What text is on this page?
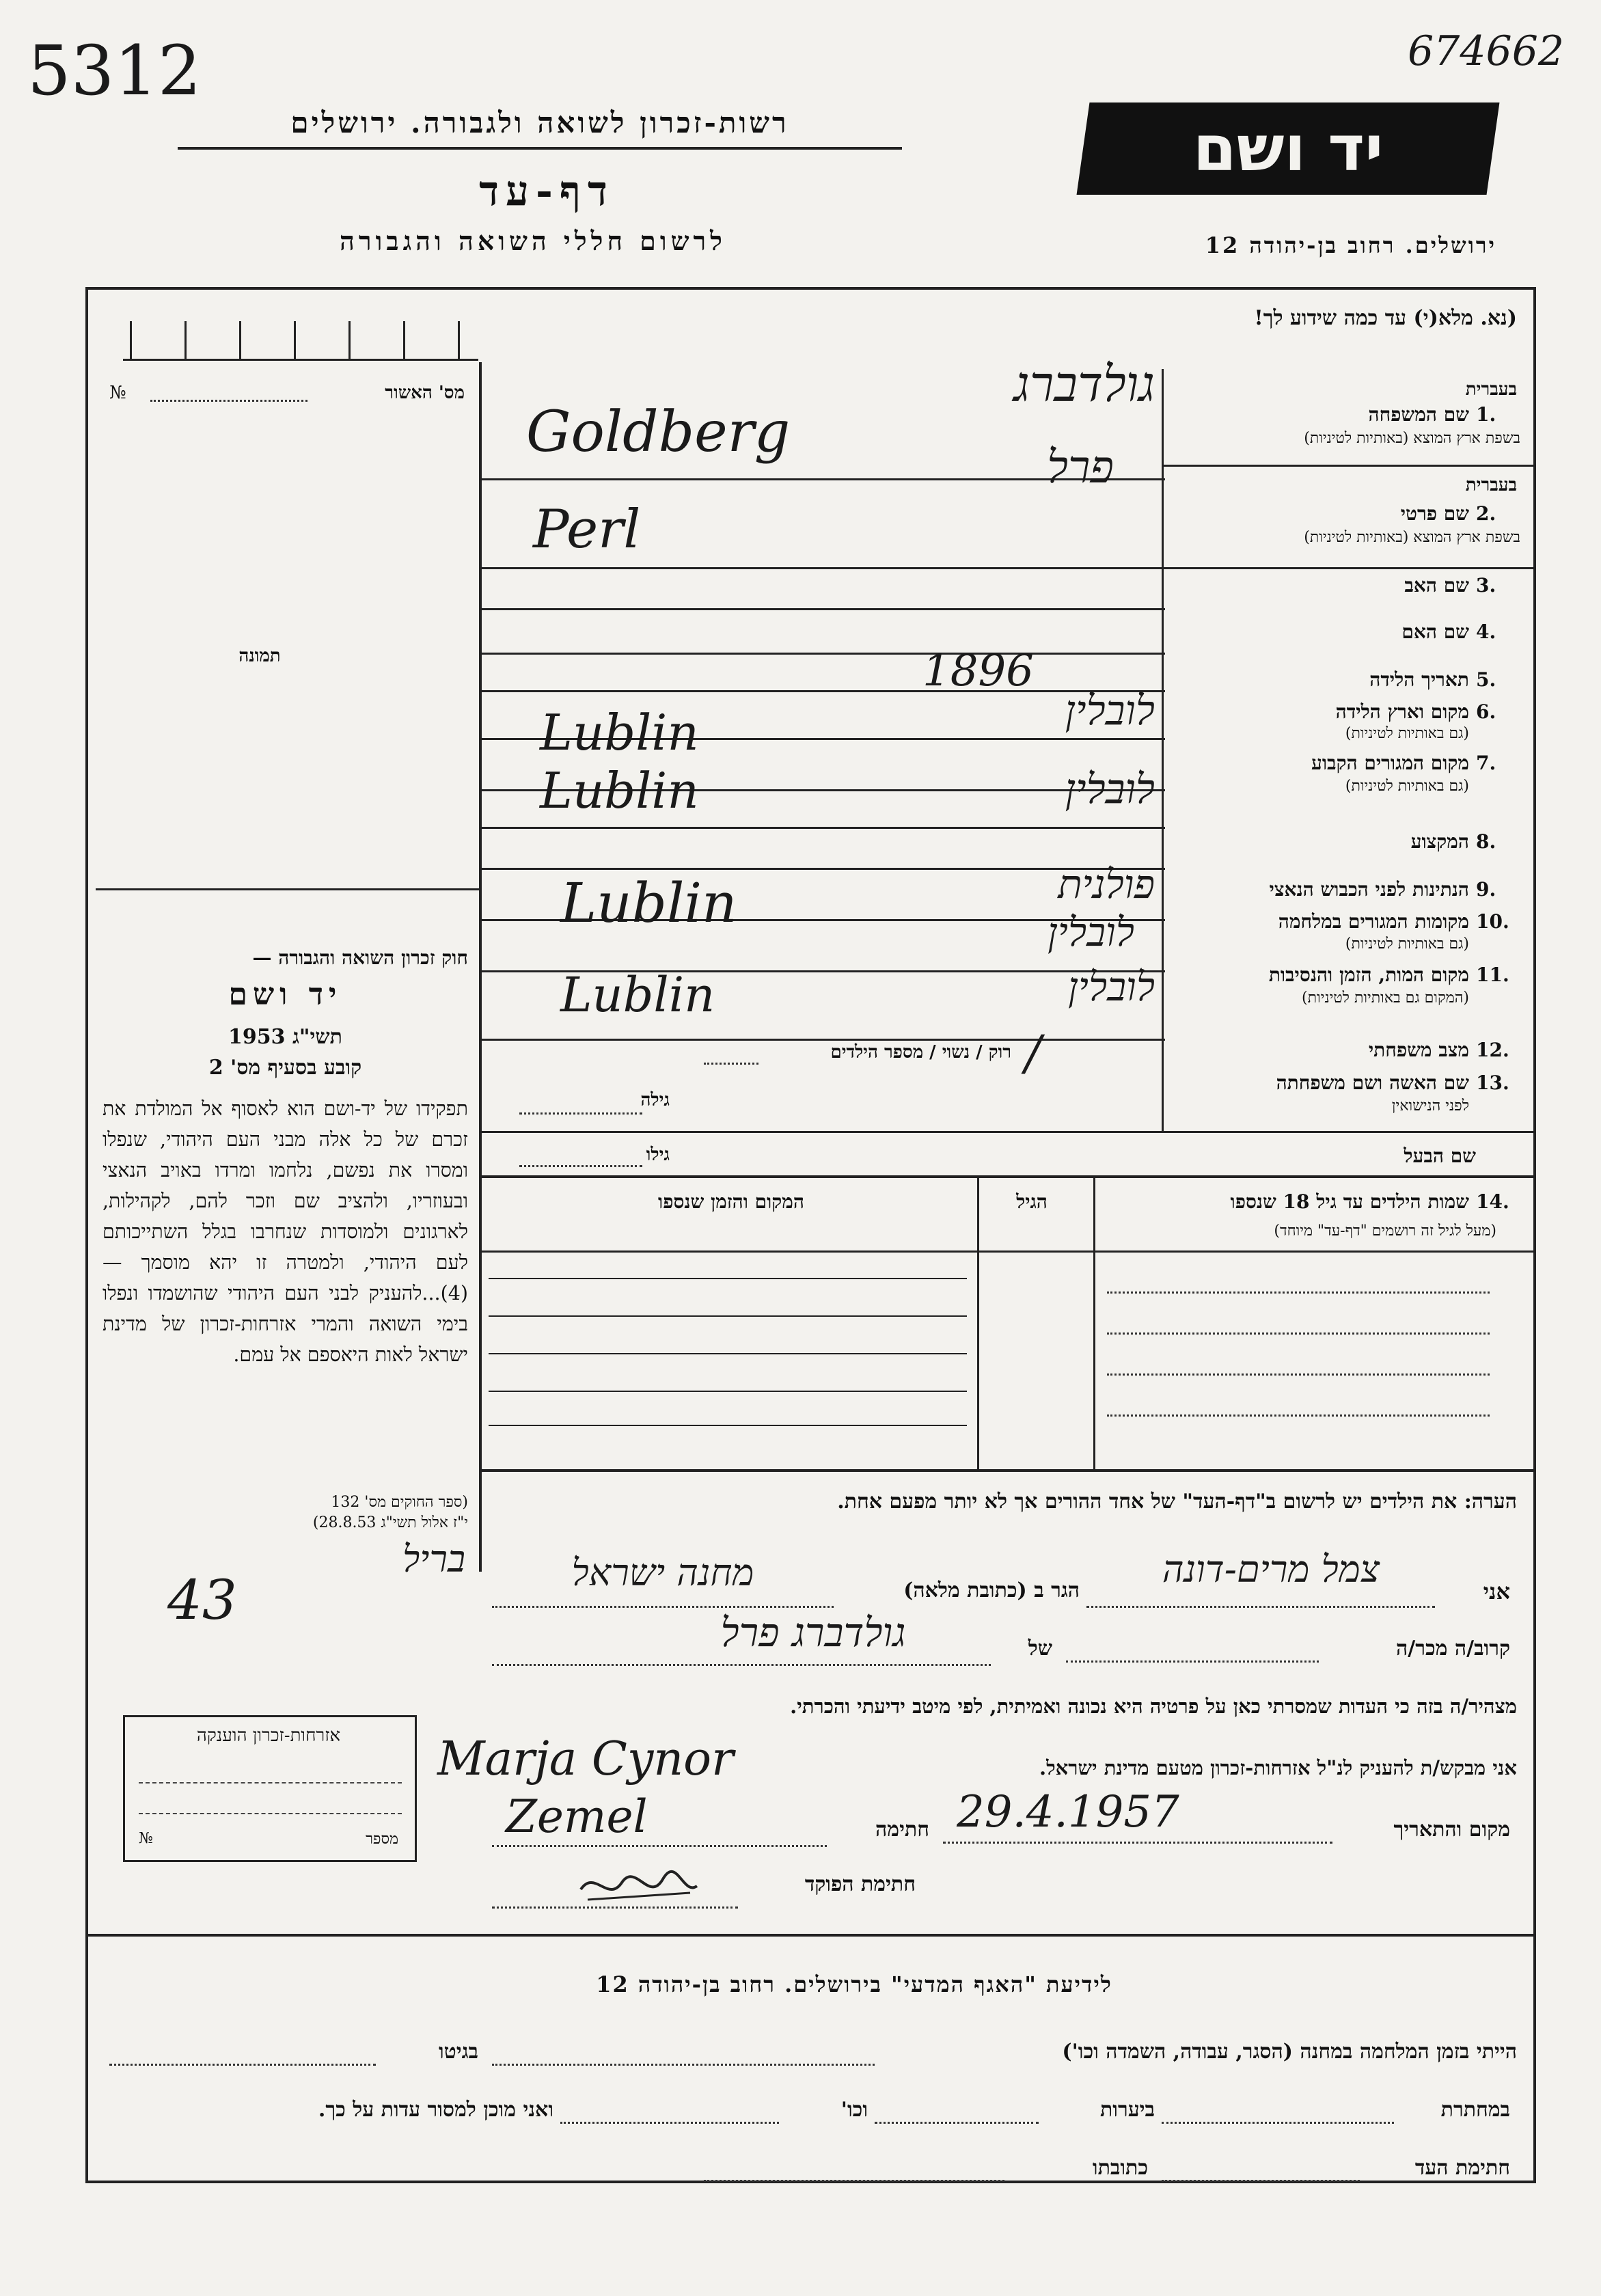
5312	674662
רשות-זכרון לשואה ולגבורה. ירושלים
דף-עד
לרשום חללי השואה והגבורה
יד ושם
ירושלים. רחוב בן-יהודה 12
(נא. מלא(י) עד כמה שידוע לך!
מס' האשור
№
תמונה
חוק זכרון השואה והגבורה —
יד ושם
תשי"ג 1953
קובע בסעיף מס' 2
תפקידו של יד-ושם הוא לאסוף אל המולדת את זכרם של כל אלה מבני העם היהודי, שנפלו ומסרו את נפשם, נלחמו ומרדו באויב הנאצי ובעוזריו, ולהציב שם וזכר להם, לקהילות, לארגונים ולמוסדות שנחרבו בגלל השתייכותם לעם היהודי, ולמטרה זו יהא מוסמך — (4)...להעניק לבני העם היהודי שהושמדו ונפלו בימי השואה והמרי אזרחות-זכרון של מדינת ישראל לאות היאספם אל עמם.
(ספר החוקים מס' 132
י"ז אלול תשי"ג 28.8.53)
43
אזרחות-זכרון הוענקה
№	מספר
בעברית
1.
שם המשפחה
בשפת ארץ המוצא (באותיות לטיניות)
גולדברג
Goldberg
בעברית
2.
שם פרטי
בשפת ארץ המוצא (באותיות לטיניות)
פרל
Perl
3.
שם האב
4.
שם האם
5.
תאריך הלידה
1896
6.
מקום וארץ הלידה
(גם באותיות לטיניות)
לובלין
Lublin
7.
מקום המגורים הקבוע
(גם באותיות לטיניות)
לובלין
Lublin
8.
המקצוע
9.
הנתינות לפני הכבוש הנאצי
פולנית
10.
מקומות המגורים במלחמה
(גם באותיות לטיניות)
לובלין
Lublin
11.
מקום המות, הזמן והנסיבות
(המקום גם באותיות לטיניות)
לובלין
Lublin
12.
מצב משפחתי
רוק / נשוי / מספר הילדים /
13.
שם האשה ושם משפחתה
לפני הנישואין
גילה
שם הבעל
גילו
14.
שמות הילדים עד גיל 18 שנספו
(מעל לגיל זה רושמים "דף-עד" מיוחד)
הגיל
המקום והזמן שנספו
הערה: את הילדים יש לרשום ב"דף-העד" של אחד ההורים אך לא יותר מפעם אחת.
אני
צמל מרים-דונה
הגר ב (כתובת מלאה)
מחנה ישראל
בריל
קרוב/ה מכר/ה
של
גולדברג פרל
מצהיר/ה בזה כי העדות שמסרתי כאן על פרטיה היא נכונה ואמיתית, לפי מיטב ידיעתי והכרתי.
אני מבקש/ת להעניק לנ"ל אזרחות-זכרון מטעם מדינת ישראל.
Marja Cynor
מקום והתאריך
29.4.1957
חתימה
Zemel
חתימת הפוקד
לידיעת "האגף המדעי" בירושלים. רחוב בן-יהודה 12
הייתי בזמן המלחמה במחנה (הסגר, עבודה, השמדה וכו')
בגיטו
במחתרת
ביערות
וכו'
ואני מוכן למסור עדות על כך.
חתימת העד
כתובתו
